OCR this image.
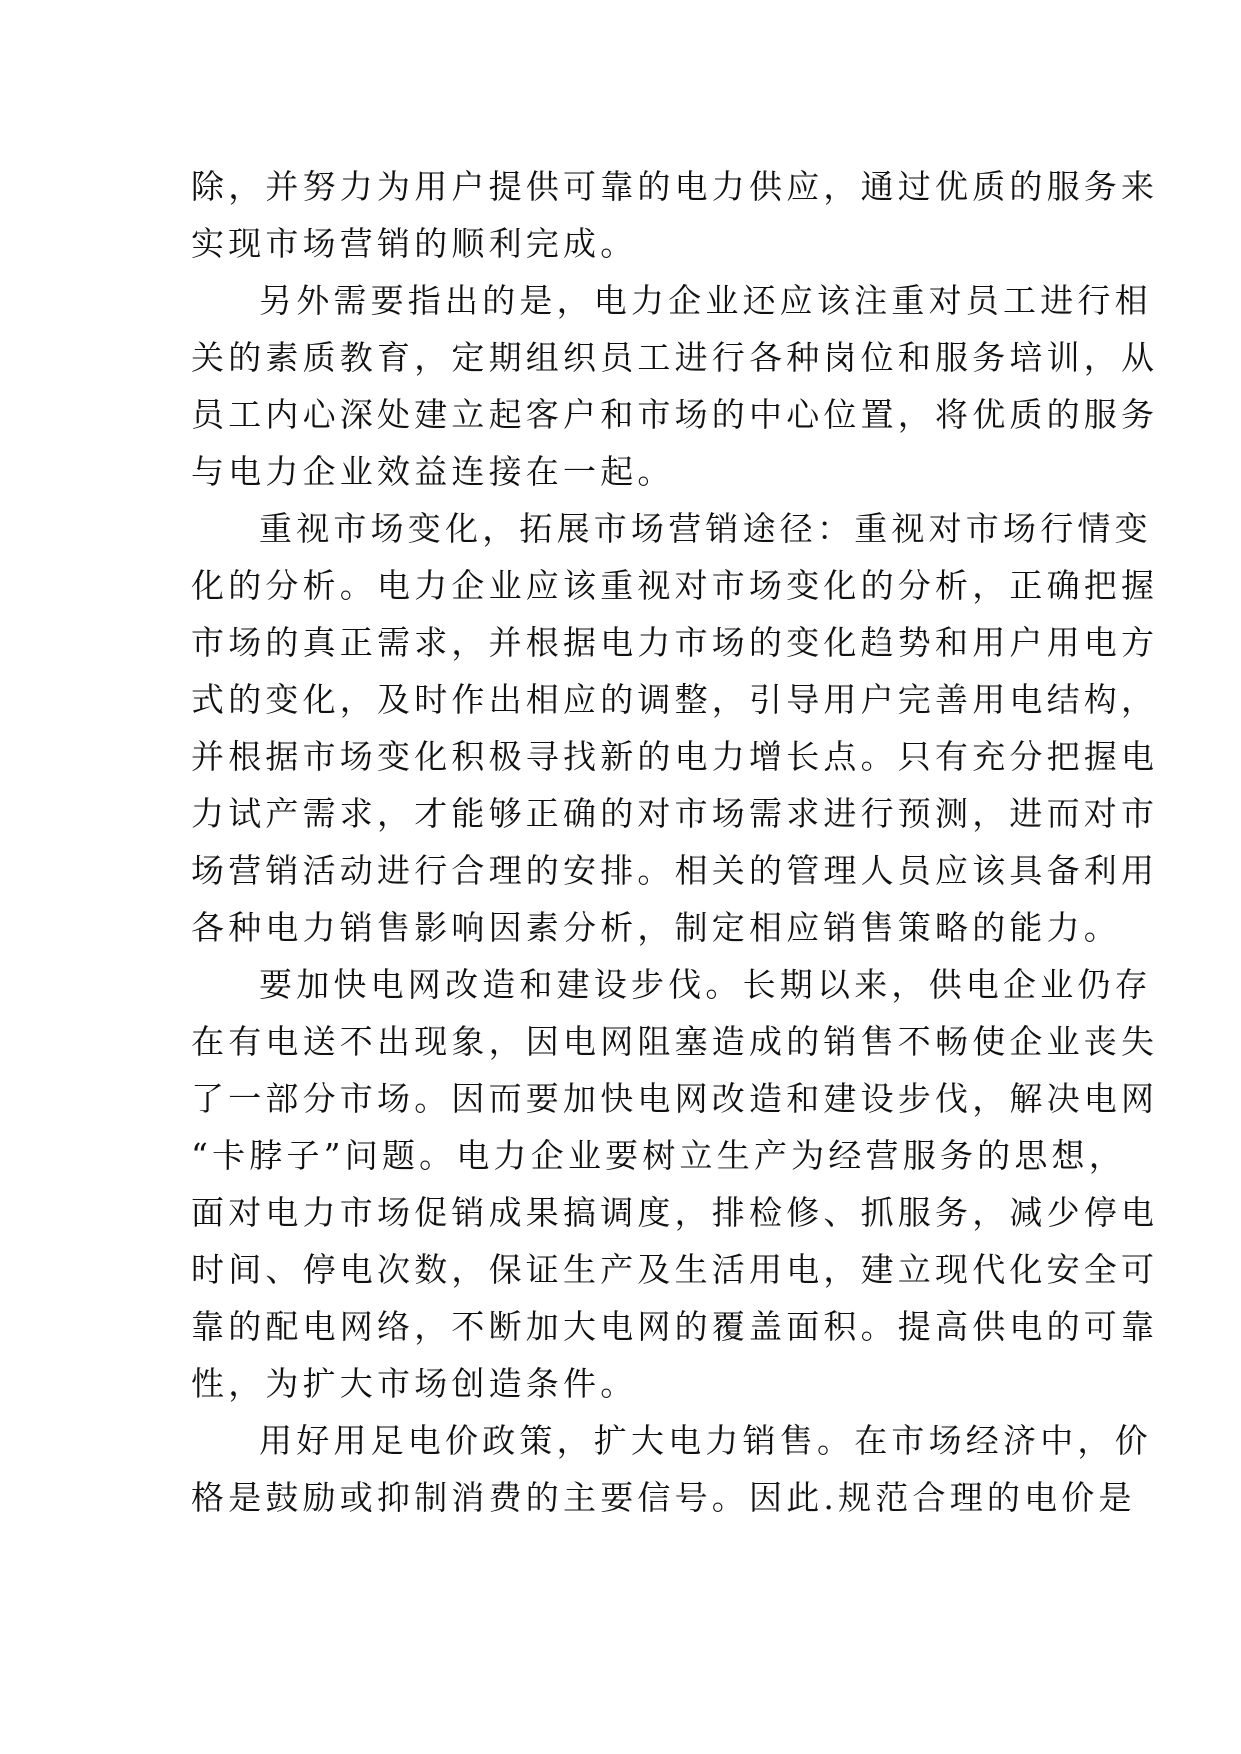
除，并努力为用户提供可靠的电力供应，通过优质的服务来
实现市场营销的顺利完成。
另外需要指出的是，电力企业还应该注重对员工进行相
关的素质教育，定期组织员工进行各种岗位和服务培训，从
员工内心深处建立起客户和市场的中心位置，将优质的服务
与电力企业效益连接在一起。
重视市场变化，拓展市场营销途径：重视对市场行情变
化的分析。电力企业应该重视对市场变化的分析，正确把握
市场的真正需求，并根据电力市场的变化趋势和用户用电方
式的变化，及时作出相应的调整，引导用户完善用电结构，
并根据市场变化积极寻找新的电力增长点。只有充分把握电
力试产需求，才能够正确的对市场需求进行预测，进而对市
场营销活动进行合理的安排。相关的管理人员应该具备利用
各种电力销售影响因素分析，制定相应销售策略的能力。
要加快电网改造和建设步伐。长期以来，供电企业仍存
在有电送不出现象，因电网阻塞造成的销售不畅使企业丧失
了一部分市场。因而要加快电网改造和建设步伐，解决电网
“卡脖子”问题。电力企业要树立生产为经营服务的思想，
面对电力市场促销成果搞调度，排检修、抓服务，减少停电
时间、停电次数，保证生产及生活用电，建立现代化安全可
靠的配电网络，不断加大电网的覆盖面积。提高供电的可靠
性，为扩大市场创造条件。
用好用足电价政策，扩大电力销售。在市场经济中，价
格是鼓励或抑制消费的主要信号。因此.规范合理的电价是
